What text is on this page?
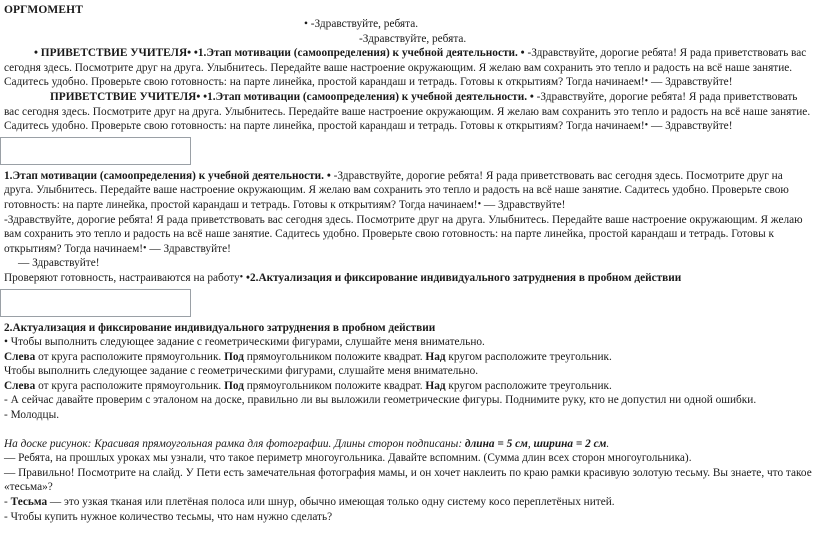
ОРГМОМЕНТ
• -Здравствуйте, ребята.
-Здравствуйте, ребята.

• ПРИВЕТСТВИЕ УЧИТЕЛЯ• •1.Этап мотивации (самоопределения) к учебной деятельности. • -Здравствуйте, дорогие ребята! Я рада приветствовать вас сегодня здесь. Посмотрите друг на друга. Улыбнитесь. Передайте ваше настроение окружающим. Я желаю вам сохранить это тепло и радость на всё наше занятие. Садитесь удобно. Проверьте свою готовность: на парте линейка, простой карандаш и тетрадь. Готовы к открытиям? Тогда начинаем!• — Здравствуйте!

ПРИВЕТСТВИЕ УЧИТЕЛЯ• •1.Этап мотивации (самоопределения) к учебной деятельности. • -Здравствуйте, дорогие ребята! Я рада приветствовать вас сегодня здесь. Посмотрите друг на друга. Улыбнитесь. Передайте ваше настроение окружающим. Я желаю вам сохранить это тепло и радость на всё наше занятие. Садитесь удобно. Проверьте свою готовность: на парте линейка, простой карандаш и тетрадь. Готовы к открытиям? Тогда начинаем!• — Здравствуйте!

1.Этап мотивации (самоопределения) к учебной деятельности. • -Здравствуйте, дорогие ребята! Я рада приветствовать вас сегодня здесь. Посмотрите друг на друга. Улыбнитесь. Передайте ваше настроение окружающим. Я желаю вам сохранить это тепло и радость на всё наше занятие. Садитесь удобно. Проверьте свою готовность: на парте линейка, простой карандаш и тетрадь. Готовы к открытиям? Тогда начинаем!• — Здравствуйте!

-Здравствуйте, дорогие ребята! Я рада приветствовать вас сегодня здесь. Посмотрите друг на друга. Улыбнитесь. Передайте ваше настроение окружающим. Я желаю вам сохранить это тепло и радость на всё наше занятие. Садитесь удобно. Проверьте свою готовность: на парте линейка, простой карандаш и тетрадь. Готовы к открытиям? Тогда начинаем!• — Здравствуйте!

— Здравствуйте!

Проверяют готовность, настраиваются на работу• •2.Актуализация и фиксирование индивидуального затруднения в пробном действии

2.Актуализация и фиксирование индивидуального затруднения в пробном действии
• Чтобы выполнить следующее задание с геометрическими фигурами, слушайте меня внимательно.
Слева от круга расположите прямоугольник. Под прямоугольником положите квадрат. Над кругом расположите треугольник.
Чтобы выполнить следующее задание с геометрическими фигурами, слушайте меня внимательно.
Слева от круга расположите прямоугольник. Под прямоугольником положите квадрат. Над кругом расположите треугольник.

- А сейчас давайте проверим с эталоном на доске, правильно ли вы выложили геометрические фигуры. Поднимите руку, кто не допустил ни одной ошибки.

- Молодцы.
На доске рисунок: Красивая прямоугольная рамка для фотографии. Длины сторон подписаны: длина = 5 см, ширина = 2 см.
— Ребята, на прошлых уроках мы узнали, что такое периметр многоугольника. Давайте вспомним. (Сумма длин всех сторон многоугольника).

— Правильно! Посмотрите на слайд. У Пети есть замечательная фотография мамы, и он хочет наклеить по краю рамки красивую золотую тесьму. Вы знаете, что такое «тесьма»?

- Тесьма — это узкая тканая или плетёная полоса или шнур, обычно имеющая только одну систему косо переплетёных нитей.
- Чтобы купить нужное количество тесьмы, что нам нужно сделать?
